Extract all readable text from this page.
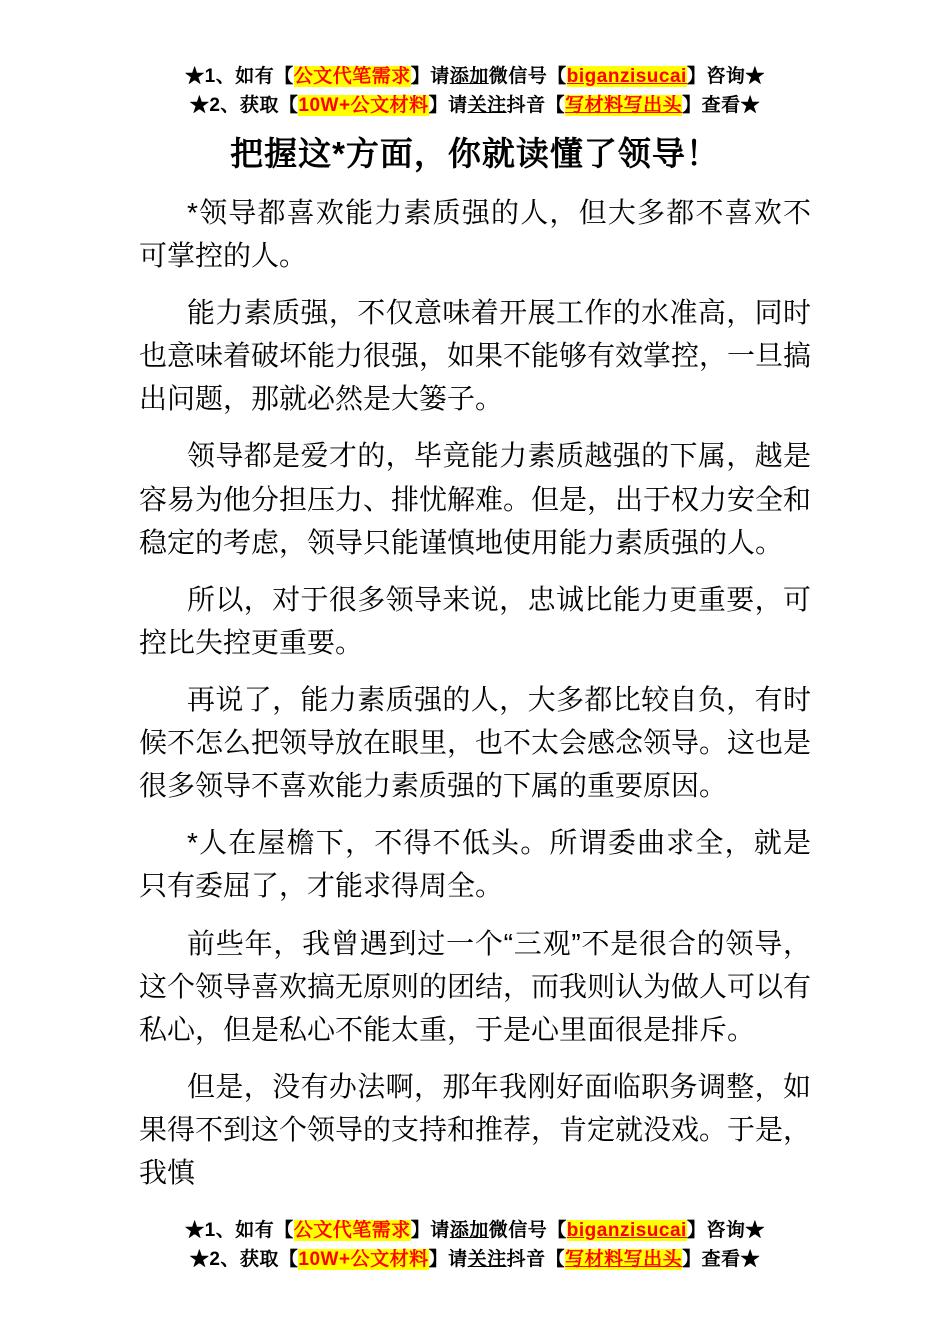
★1、如有【公文代笔需求】请添加微信号【biganzisucai】咨询★
★2、获取【10W+公文材料】请关注抖音【写材料写出头】查看★
把握这*方面，你就读懂了领导！

*领导都喜欢能力素质强的人，但大多都不喜欢不可掌控的人。

能力素质强，不仅意味着开展工作的水准高，同时也意味着破坏能力很强，如果不能够有效掌控，一旦搞出问题，那就必然是大篓子。

领导都是爱才的，毕竟能力素质越强的下属，越是容易为他分担压力、排忧解难。但是，出于权力安全和稳定的考虑，领导只能谨慎地使用能力素质强的人。

所以，对于很多领导来说，忠诚比能力更重要，可控比失控更重要。

再说了，能力素质强的人，大多都比较自负，有时候不怎么把领导放在眼里，也不太会感念领导。这也是很多领导不喜欢能力素质强的下属的重要原因。

*人在屋檐下，不得不低头。所谓委曲求全，就是只有委屈了，才能求得周全。

前些年，我曾遇到过一个“三观”不是很合的领导，这个领导喜欢搞无原则的团结，而我则认为做人可以有私心，但是私心不能太重，于是心里面很是排斥。

但是，没有办法啊，那年我刚好面临职务调整，如果得不到这个领导的支持和推荐，肯定就没戏。于是，我慎

★1、如有【公文代笔需求】请添加微信号【biganzisucai】咨询★
★2、获取【10W+公文材料】请关注抖音【写材料写出头】查看★
